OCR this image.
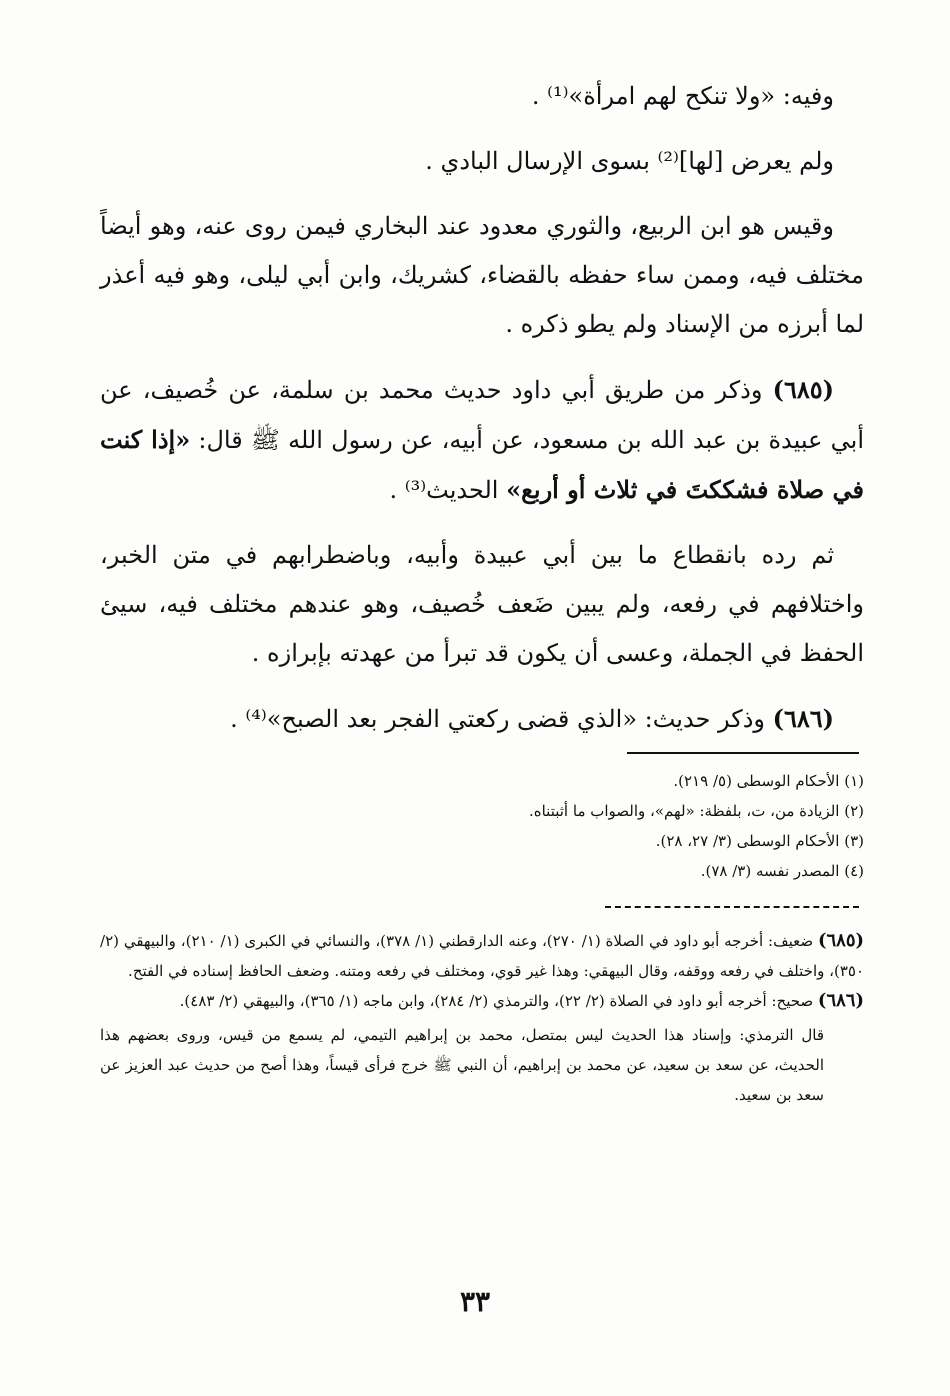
وفيه: «ولا تنكح لهم امرأة»⁽¹⁾ .

ولم يعرض [لها]⁽²⁾ بسوى الإرسال البادي .

وقيس هو ابن الربيع، والثوري معدود عند البخاري فيمن روى عنه، وهو أيضاً مختلف فيه، وممن ساء حفظه بالقضاء، كشريك، وابن أبي ليلى، وهو فيه أعذر لما أبرزه من الإسناد ولم يطو ذكره .

(٦٨٥) وذكر من طريق أبي داود حديث محمد بن سلمة، عن خُصيف، عن أبي عبيدة بن عبد الله بن مسعود، عن أبيه، عن رسول الله ﷺ قال: «إذا كنت في صلاة فشككتَ في ثلاث أو أربع» الحديث⁽³⁾ .

ثم رده بانقطاع ما بين أبي عبيدة وأبيه، وباضطرابهم في متن الخبر، واختلافهم في رفعه، ولم يبين ضَعف خُصيف، وهو عندهم مختلف فيه، سيئ الحفظ في الجملة، وعسى أن يكون قد تبرأ من عهدته بإبرازه .

(٦٨٦) وذكر حديث: «الذي قضى ركعتي الفجر بعد الصبح»⁽⁴⁾ .

(١) الأحكام الوسطى (٥/ ٢١٩).
(٢) الزيادة من، ت، بلفظة: «لهم»، والصواب ما أثبتناه.
(٣) الأحكام الوسطى (٣/ ٢٧، ٢٨).
(٤) المصدر نفسه (٣/ ٧٨).

(٦٨٥) ضعيف: أخرجه أبو داود في الصلاة (١/ ٢٧٠)، وعنه الدارقطني (١/ ٣٧٨)، والنسائي في الكبرى (١/ ٢١٠)، والبيهقي (٢/ ٣٥٠)، واختلف في رفعه ووقفه، وقال البيهقي: وهذا غير قوي، ومختلف في رفعه ومتنه. وضعف الحافظ إسناده في الفتح.

(٦٨٦) صحيح: أخرجه أبو داود في الصلاة (٢/ ٢٢)، والترمذي (٢/ ٢٨٤)، وابن ماجه (١/ ٣٦٥)، والبيهقي (٢/ ٤٨٣).

قال الترمذي: وإسناد هذا الحديث ليس بمتصل، محمد بن إبراهيم التيمي، لم يسمع من قيس، وروى بعضهم هذا الحديث، عن سعد بن سعيد، عن محمد بن إبراهيم، أن النبي ﷺ خرج فرأى قيساً، وهذا أصح من حديث عبد العزيز عن سعد بن سعيد.

٣٣
